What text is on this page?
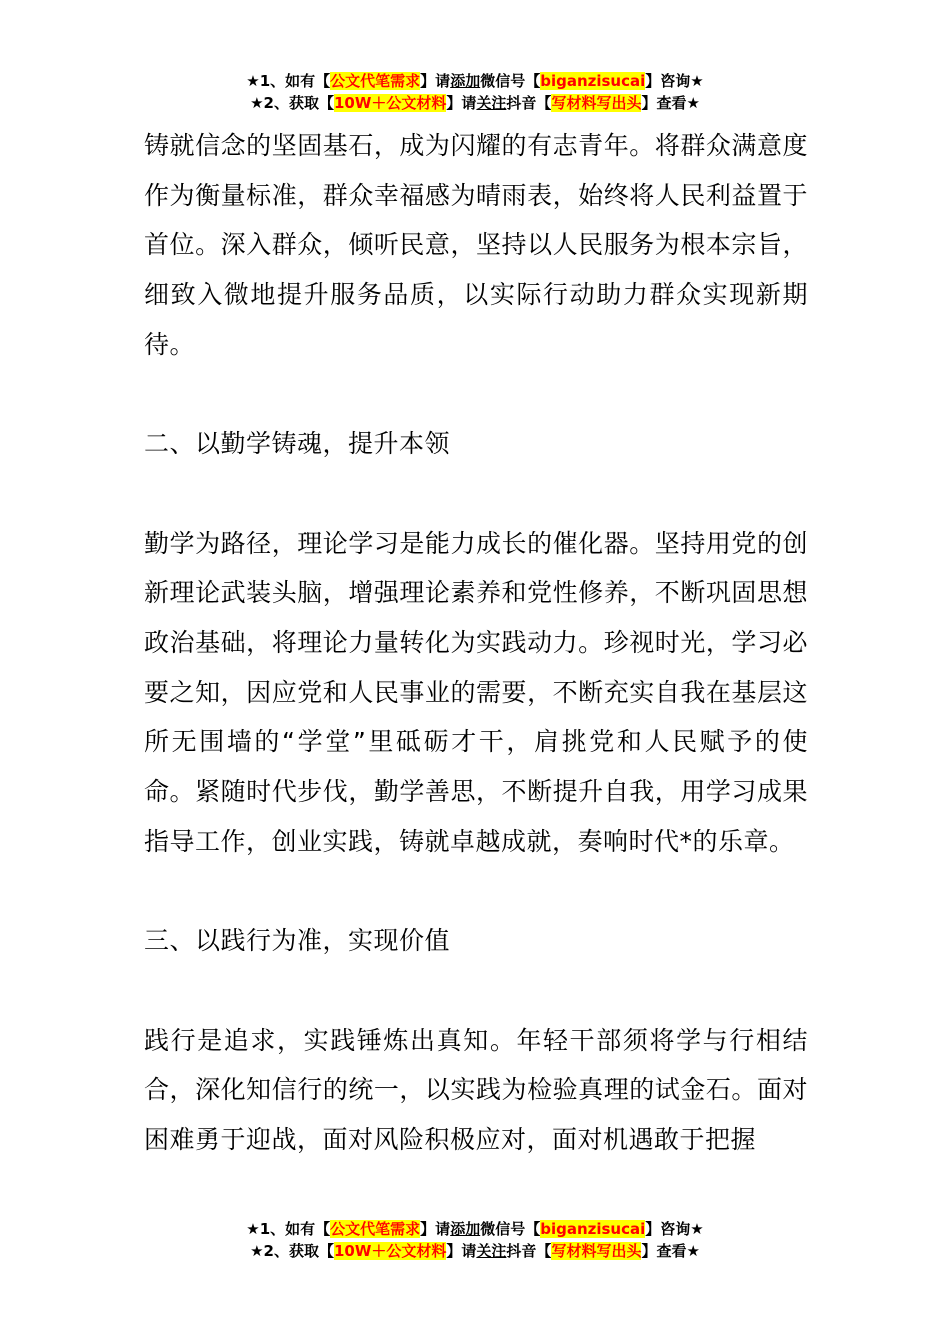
★1、如有【公文代笔需求】请添加微信号【biganzisucai】咨询★
★2、获取【10W＋公文材料】请关注抖音【写材料写出头】查看★

铸就信念的坚固基石，成为闪耀的有志青年。将群众满意度作为衡量标准，群众幸福感为晴雨表，始终将人民利益置于首位。深入群众，倾听民意，坚持以人民服务为根本宗旨，细致入微地提升服务品质，以实际行动助力群众实现新期待。

二、以勤学铸魂，提升本领

勤学为路径，理论学习是能力成长的催化器。坚持用党的创新理论武装头脑，增强理论素养和党性修养，不断巩固思想政治基础，将理论力量转化为实践动力。珍视时光，学习必要之知，因应党和人民事业的需要，不断充实自我在基层这所无围墙的“学堂”里砥砺才干，肩挑党和人民赋予的使命。紧随时代步伐，勤学善思，不断提升自我，用学习成果指导工作，创业实践，铸就卓越成就，奏响时代*的乐章。

三、以践行为准，实现价值

践行是追求，实践锤炼出真知。年轻干部须将学与行相结合，深化知信行的统一，以实践为检验真理的试金石。面对困难勇于迎战，面对风险积极应对，面对机遇敢于把握

★1、如有【公文代笔需求】请添加微信号【biganzisucai】咨询★
★2、获取【10W＋公文材料】请关注抖音【写材料写出头】查看★
